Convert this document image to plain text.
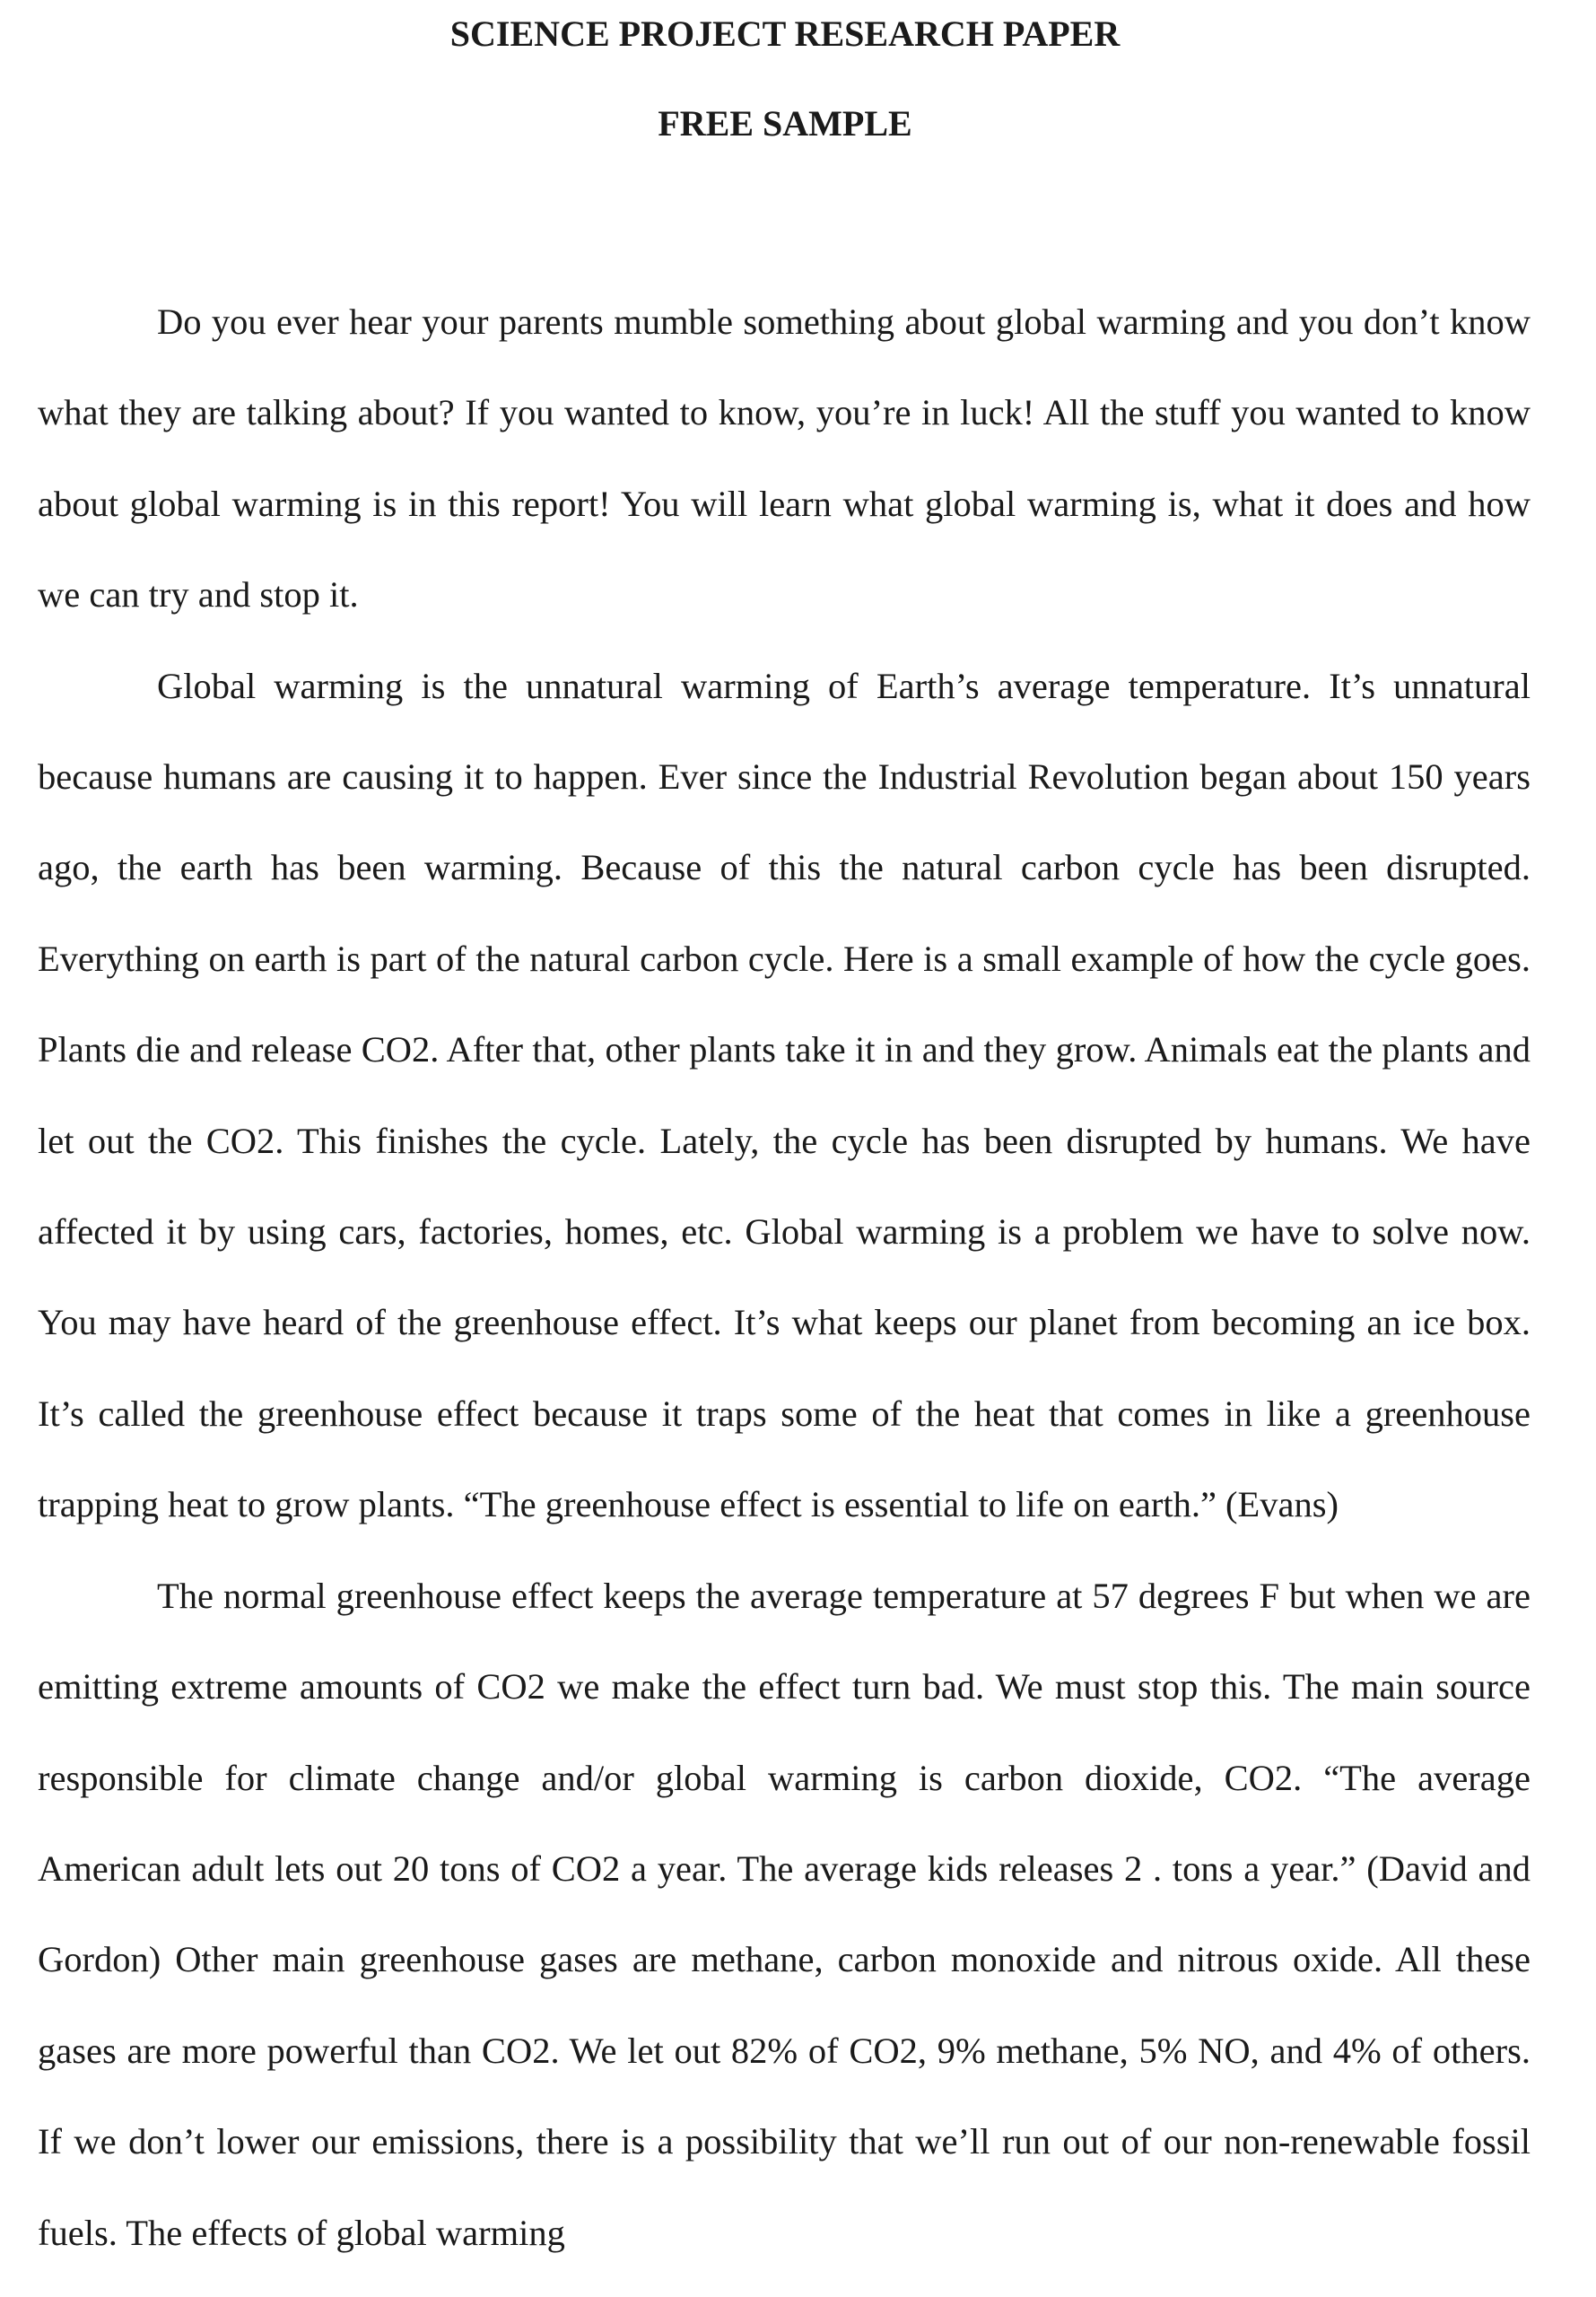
SCIENCE PROJECT RESEARCH PAPER
FREE SAMPLE

Do you ever hear your parents mumble something about global warming and you don’t know what they are talking about? If you wanted to know, you’re in luck! All the stuff you wanted to know about global warming is in this report! You will learn what global warming is, what it does and how we can try and stop it.

Global warming is the unnatural warming of Earth’s average temperature. It’s unnatural because humans are causing it to happen. Ever since the Industrial Revolution began about 150 years ago, the earth has been warming. Because of this the natural carbon cycle has been disrupted. Everything on earth is part of the natural carbon cycle. Here is a small example of how the cycle goes. Plants die and release CO2. After that, other plants take it in and they grow. Animals eat the plants and let out the CO2. This finishes the cycle. Lately, the cycle has been disrupted by humans. We have affected it by using cars, factories, homes, etc. Global warming is a problem we have to solve now. You may have heard of the greenhouse effect. It’s what keeps our planet from becoming an ice box. It’s called the greenhouse effect because it traps some of the heat that comes in like a greenhouse trapping heat to grow plants. “The greenhouse effect is essential to life on earth.” (Evans)

The normal greenhouse effect keeps the average temperature at 57 degrees F but when we are emitting extreme amounts of CO2 we make the effect turn bad. We must stop this. The main source responsible for climate change and/or global warming is carbon dioxide, CO2. “The average American adult lets out 20 tons of CO2 a year. The average kids releases 2 . tons a year.” (David and Gordon) Other main greenhouse gases are methane, carbon monoxide and nitrous oxide. All these gases are more powerful than CO2. We let out 82% of CO2, 9% methane, 5% NO, and 4% of others. If we don’t lower our emissions, there is a possibility that we’ll run out of our non-renewable fossil fuels. The effects of global warming
